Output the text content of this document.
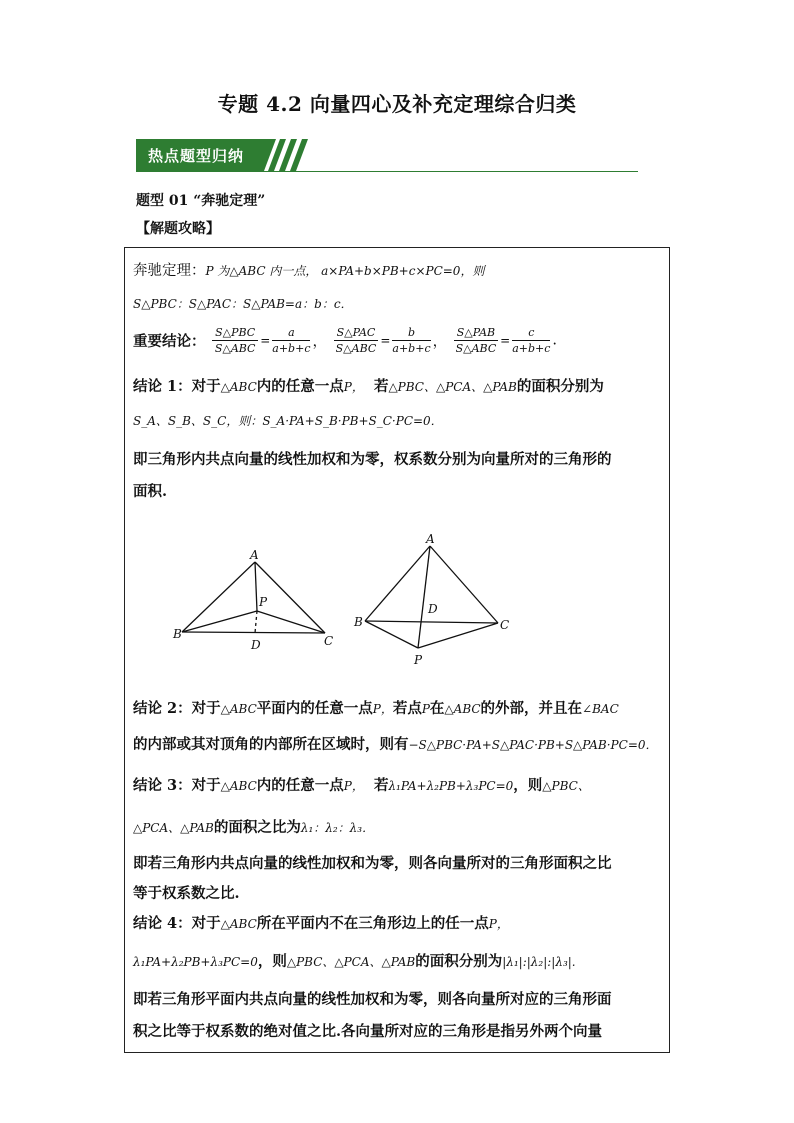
专题 4.2 向量四心及补充定理综合归类
热点题型归纳
题型 01 “奔驰定理”
【解题攻略】
奔驰定理：P 为△ABC 内一点， a×PA+b×PB+c×PC=0，则
S△PBC：S△PAC：S△PAB=a：b：c．
重要结论： $\frac{\text{S△PBC}}{\text{S△ABC}} = \frac{a}{a+b+c}$ ， $\frac{\text{S△PAC}}{\text{S△ABC}} = \frac{b}{a+b+c}$ ， $\frac{\text{S△PAB}}{\text{S△ABC}} = \frac{c}{a+b+c}$ .
结论 1：对于△ABC内的任意一点P， 若△PBC、△PCA、△PAB的面积分别为
S_A、S_B、S_C，则：S_A·PA+S_B·PB+S_C·PC=0．
即三角形内共点向量的线性加权和为零，权系数分别为向量所对的三角形的
面积.
A
B	C
P
D
A
B	C
P
D
结论 2：对于△ABC平面内的任意一点P，若点P在△ABC的外部，并且在∠BAC
的内部或其对顶角的内部所在区域时，则有−S△PBC·PA+S△PAC·PB+S△PAB·PC=0．
结论 3：对于△ABC内的任意一点P， 若λ₁PA+λ₂PB+λ₃PC=0，则△PBC、
△PCA、△PAB的面积之比为λ₁：λ₂：λ₃．
即若三角形内共点向量的线性加权和为零，则各向量所对的三角形面积之比
等于权系数之比.
结论 4：对于△ABC所在平面内不在三角形边上的任一点P，
λ₁PA+λ₂PB+λ₃PC=0，则△PBC、△PCA、△PAB的面积分别为|λ₁|:|λ₂|:|λ₃|.
即若三角形平面内共点向量的线性加权和为零，则各向量所对应的三角形面
积之比等于权系数的绝对值之比.各向量所对应的三角形是指另外两个向量
